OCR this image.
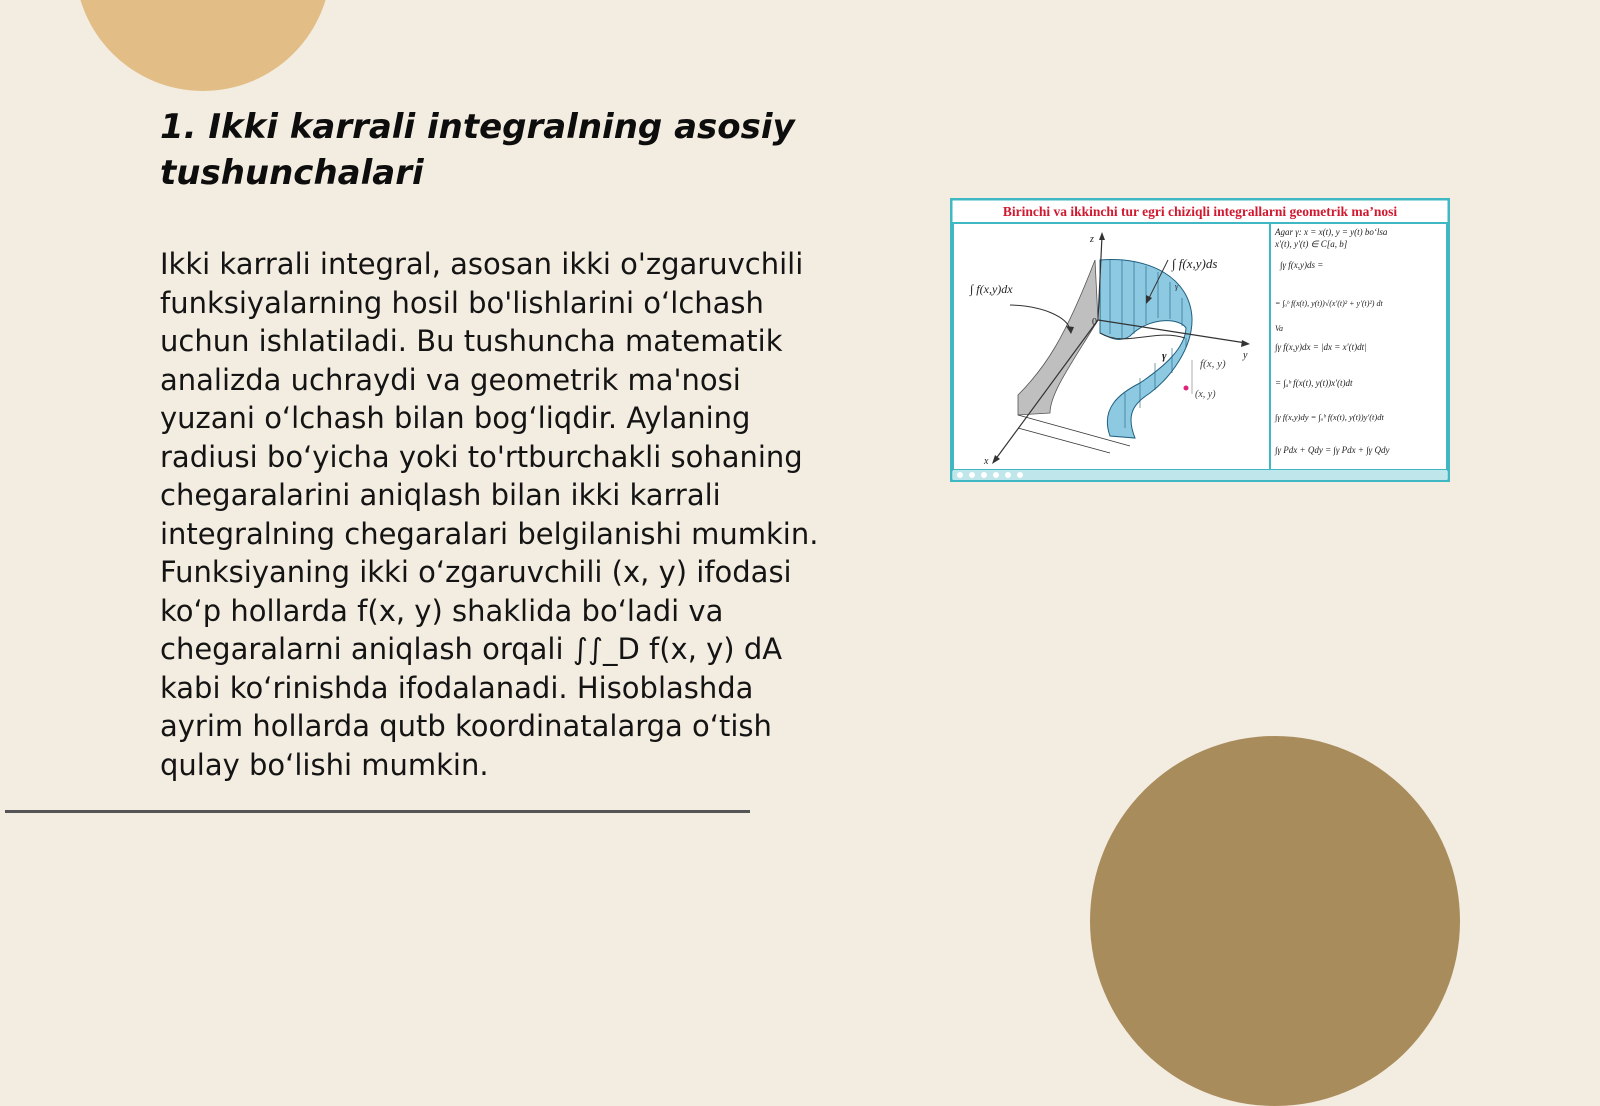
1. Ikki karrali integralning asosiy tushunchalari

Ikki karrali integral, asosan ikki o'zgaruvchili funksiyalarning hosil bo'lishlarini o‘lchash uchun ishlatiladi. Bu tushuncha matematik analizda uchraydi va geometrik ma'nosi yuzani o‘lchash bilan bog‘liqdir. Aylaning radiusi bo‘yicha yoki to'rtburchakli sohaning chegaralarini aniqlash bilan ikki karrali integralning chegaralari belgilanishi mumkin. Funksiyaning ikki o‘zgaruvchili (x, y) ifodasi ko‘p hollarda f(x, y) shaklida bo‘ladi va chegaralarni aniqlash orqali ∫∫_D f(x, y) dA kabi ko‘rinishda ifodalanadi. Hisoblashda ayrim hollarda qutb koordinatalarga o‘tish qulay bo‘lishi mumkin.

Birinchi va ikkinchi tur egri chiziqli integrallarni geometrik ma’nosi
∫ f(x,y)ds
∫ f(x,y)dx
γ
γ
z
y
x
0
f(x, y)
(x, y)
Agar γ: x = x(t), y = y(t) bo‘lsa
x′(t), y′(t) ∈ C[a, b]
∫γ f(x,y)ds =
= ∫ₐᵇ f(x(t), y(t))√(x′(t)² + y′(t)²) dt
Va
∫γ f(x,y)dx = |dx = x′(t)dt|
= ∫ₐᵇ f(x(t), y(t))x′(t)dt
∫γ f(x,y)dy = ∫ₐᵇ f(x(t), y(t))y′(t)dt
∫γ Pdx + Qdy = ∫γ Pdx + ∫γ Qdy
